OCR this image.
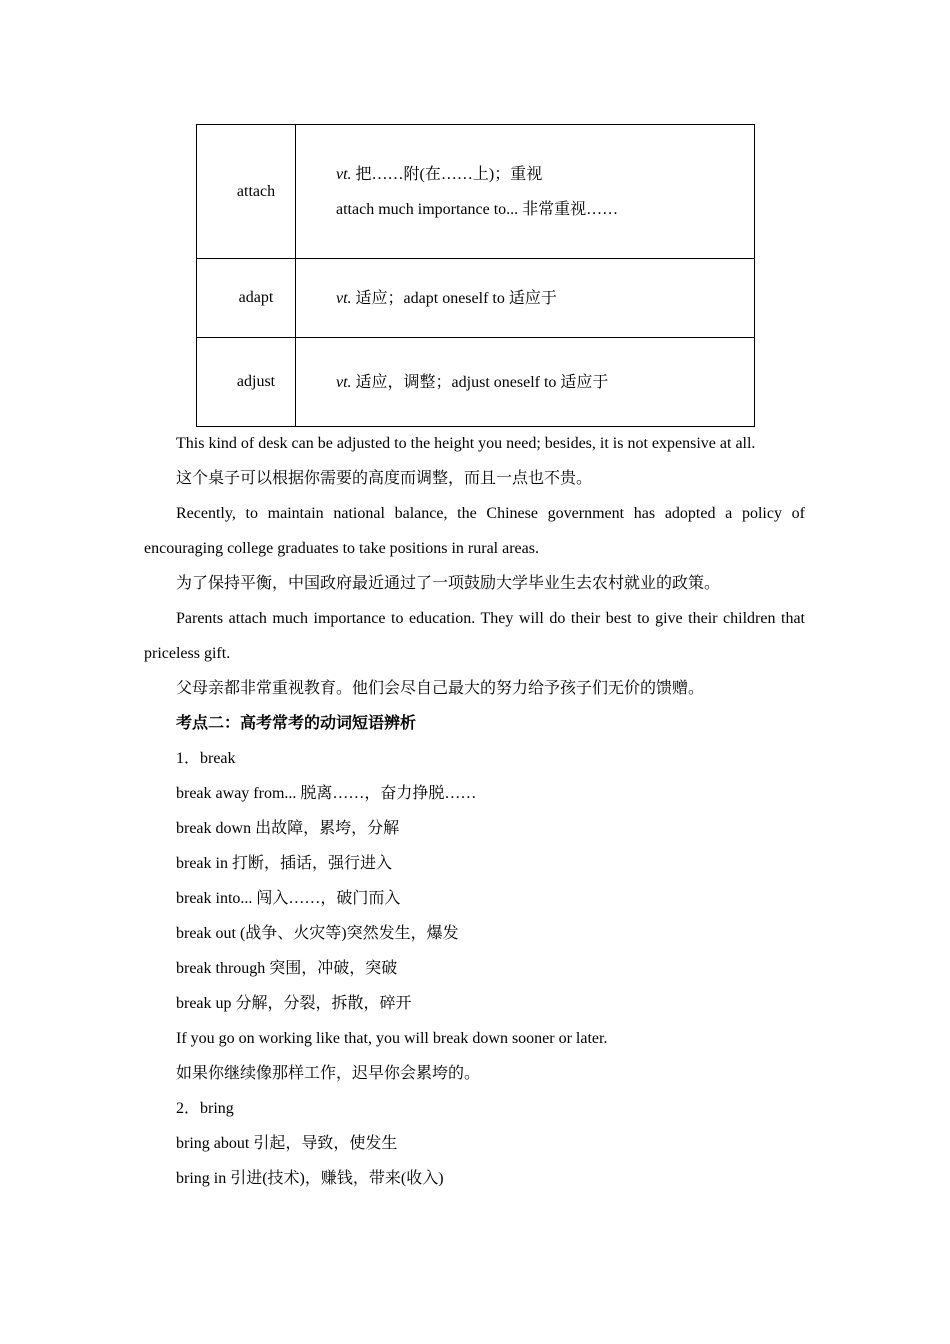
attach	vt. 把……附(在……上)；重视
attach much importance to... 非常重视……

adapt	vt. 适应；adapt oneself to 适应于

adjust	vt. 适应，调整；adjust oneself to 适应于

This kind of desk can be adjusted to the height you need; besides, it is not expensive at all.

这个桌子可以根据你需要的高度而调整，而且一点也不贵。

Recently, to maintain national balance, the Chinese government has adopted a policy of encouraging college graduates to take positions in rural areas.

为了保持平衡，中国政府最近通过了一项鼓励大学毕业生去农村就业的政策。

Parents attach much importance to education. They will do their best to give their children that priceless gift.

父母亲都非常重视教育。他们会尽自己最大的努力给予孩子们无价的馈赠。

考点二：高考常考的动词短语辨析

1．break

break away from... 脱离……，奋力挣脱……

break down 出故障，累垮，分解

break in 打断，插话，强行进入

break into... 闯入……，破门而入

break out (战争、火灾等)突然发生，爆发

break through 突围，冲破，突破

break up 分解，分裂，拆散，碎开

If you go on working like that, you will break down sooner or later.

如果你继续像那样工作，迟早你会累垮的。

2．bring

bring about 引起，导致，使发生

bring in 引进(技术)，赚钱，带来(收入)
